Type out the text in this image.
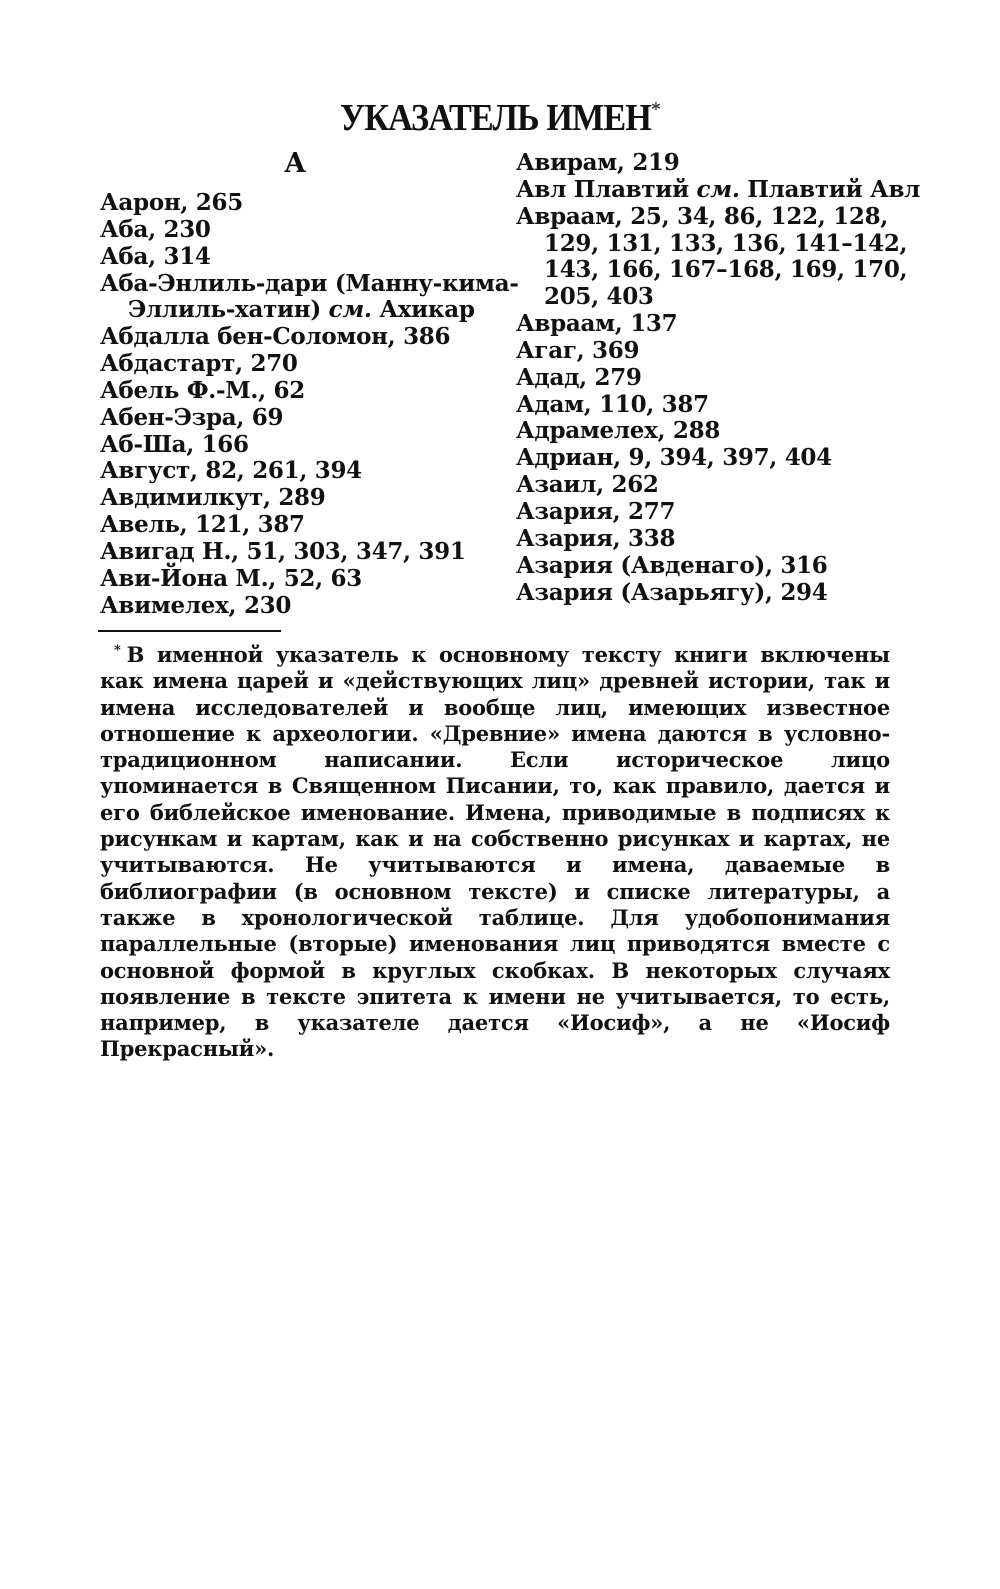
УКАЗАТЕЛЬ ИМЕН*
А
Аарон, 265
Аба, 230
Аба, 314
Аба-Энлиль-дари (Манну-кима-
Эллиль-хатин) см. Ахикар
Абдалла бен-Соломон, 386
Абдастарт, 270
Абель Ф.-М., 62
Абен-Эзра, 69
Аб-Ша, 166
Август, 82, 261, 394
Авдимилкут, 289
Авель, 121, 387
Авигад Н., 51, 303, 347, 391
Ави-Йона М., 52, 63
Авимелех, 230
Авирам, 219
Авл Плавтий см. Плавтий Авл
Авраам, 25, 34, 86, 122, 128,
129, 131, 133, 136, 141–142,
143, 166, 167–168, 169, 170,
205, 403
Авраам, 137
Агаг, 369
Адад, 279
Адам, 110, 387
Адрамелех, 288
Адриан, 9, 394, 397, 404
Азаил, 262
Азария, 277
Азария, 338
Азария (Авденаго), 316
Азария (Азарьягу), 294

* В именной указатель к основному тексту книги включены как имена царей и «действующих лиц» древней истории, так и имена исследователей и вообще лиц, имеющих известное отношение к археологии. «Древние» имена даются в условно-традиционном написании. Если историческое лицо упоминается в Священном Писании, то, как правило, дается и его библейское именование. Имена, приводимые в подписях к рисункам и картам, как и на собственно рисунках и картах, не учитываются. Не учитываются и имена, даваемые в библиографии (в основном тексте) и списке литературы, а также в хронологической таблице. Для удобопонимания параллельные (вторые) именования лиц приводятся вместе с основной формой в круглых скобках. В некоторых случаях появление в тексте эпитета к имени не учитывается, то есть, например, в указателе дается «Иосиф», а не «Иосиф Прекрасный».
